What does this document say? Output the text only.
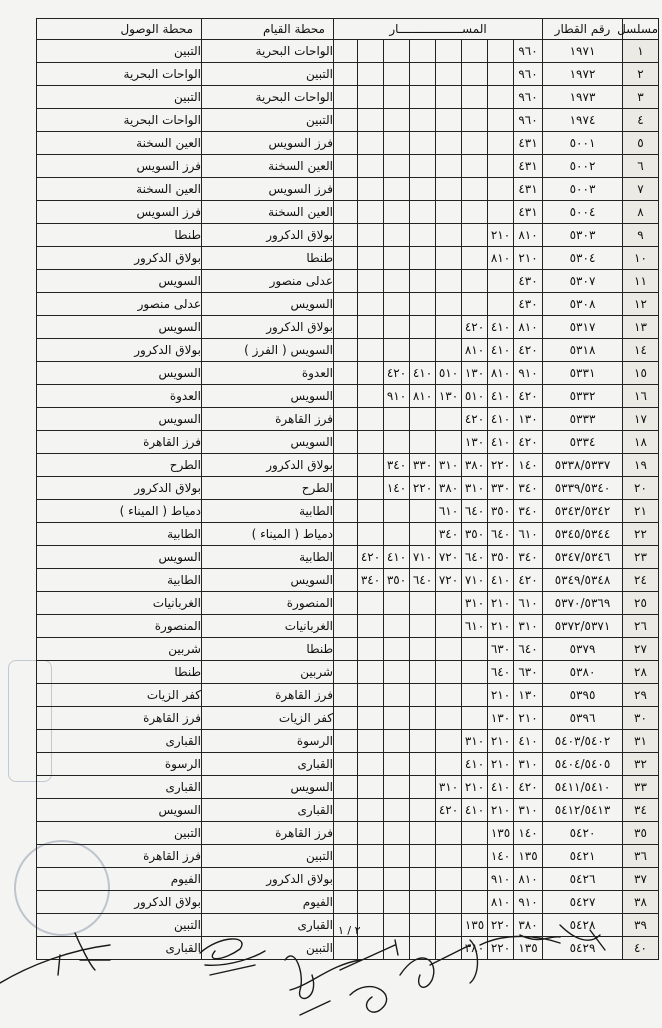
مسلسل	رقم القطار	المســــــــــــــــــار								محطة القيام	محطة الوصول
١	١٩٧١	٩٦٠								الواحات البحرية	التبين
٢	١٩٧٢	٩٦٠								التبين	الواحات البحرية
٣	١٩٧٣	٩٦٠								الواحات البحرية	التبين
٤	١٩٧٤	٩٦٠								التبين	الواحات البحرية
٥	٥٠٠١	٤٣١								فرز السويس	العين السخنة
٦	٥٠٠٢	٤٣١								العين السخنة	فرز السويس
٧	٥٠٠٣	٤٣١								فرز السويس	العين السخنة
٨	٥٠٠٤	٤٣١								العين السخنة	فرز السويس
٩	٥٣٠٣	٨١٠	٢١٠							بولاق الدكرور	طنطا
١٠	٥٣٠٤	٢١٠	٨١٠							طنطا	بولاق الدكرور
١١	٥٣٠٧	٤٣٠								عدلى منصور	السويس
١٢	٥٣٠٨	٤٣٠								السويس	عدلى منصور
١٣	٥٣١٧	٨١٠	٤١٠	٤٢٠						بولاق الدكرور	السويس
١٤	٥٣١٨	٤٢٠	٤١٠	٨١٠						السويس ( الفرز )	بولاق الدكرور
١٥	٥٣٣١	٩١٠	٨١٠	١٣٠	٥١٠	٤١٠	٤٢٠			العدوة	السويس
١٦	٥٣٣٢	٤٢٠	٤١٠	٥١٠	١٣٠	٨١٠	٩١٠			السويس	العدوة
١٧	٥٣٣٣	١٣٠	٤١٠	٤٢٠						فرز القاهرة	السويس
١٨	٥٣٣٤	٤٢٠	٤١٠	١٣٠						السويس	فرز القاهرة
١٩	٥٣٣٨/٥٣٣٧	١٤٠	٢٢٠	٣٨٠	٣١٠	٣٣٠	٣٤٠			بولاق الدكرور	الطرح
٢٠	٥٣٣٩/٥٣٤٠	٣٤٠	٣٣٠	٣١٠	٣٨٠	٢٢٠	١٤٠			الطرح	بولاق الدكرور
٢١	٥٣٤٣/٥٣٤٢	٣٤٠	٣٥٠	٦٤٠	٦١٠					الطابية	دمياط ( الميناء )
٢٢	٥٣٤٥/٥٣٤٤	٦١٠	٦٤٠	٣٥٠	٣٤٠					دمياط ( الميناء )	الطابية
٢٣	٥٣٤٧/٥٣٤٦	٣٤٠	٣٥٠	٦٤٠	٧٢٠	٧١٠	٤١٠	٤٢٠		الطابية	السويس
٢٤	٥٣٤٩/٥٣٤٨	٤٢٠	٤١٠	٧١٠	٧٢٠	٦٤٠	٣٥٠	٣٤٠		السويس	الطابية
٢٥	٥٣٧٠/٥٣٦٩	٦١٠	٢١٠	٣١٠						المنصورة	الغربانيات
٢٦	٥٣٧٢/٥٣٧١	٣١٠	٢١٠	٦١٠						الغربانيات	المنصورة
٢٧	٥٣٧٩	٦٤٠	٦٣٠							طنطا	شربين
٢٨	٥٣٨٠	٦٣٠	٦٤٠							شربين	طنطا
٢٩	٥٣٩٥	١٣٠	٢١٠							فرز القاهرة	كفر الزيات
٣٠	٥٣٩٦	٢١٠	١٣٠							كفر الزيات	فرز القاهرة
٣١	٥٤٠٣/٥٤٠٢	٤١٠	٢١٠	٣١٠						الرسوة	القبارى
٣٢	٥٤٠٤/٥٤٠٥	٣١٠	٢١٠	٤١٠						القبارى	الرسوة
٣٣	٥٤١١/٥٤١٠	٤٢٠	٤١٠	٢١٠	٣١٠					السويس	القبارى
٣٤	٥٤١٢/٥٤١٣	٣١٠	٢١٠	٤١٠	٤٢٠					القبارى	السويس
٣٥	٥٤٢٠	١٤٠	١٣٥							فرز القاهرة	التبين
٣٦	٥٤٢١	١٣٥	١٤٠							التبين	فرز القاهرة
٣٧	٥٤٢٦	٨١٠	٩١٠							بولاق الدكرور	الفيوم
٣٨	٥٤٢٧	٩١٠	٨١٠							الفيوم	بولاق الدكرور
٣٩	٥٤٢٨	٣٨٠	٢٢٠	١٣٥						القبارى	التبين
٤٠	٥٤٢٩	١٣٥	٢٢٠	٣٨٠						التبين	القبارى
٢ / ١
